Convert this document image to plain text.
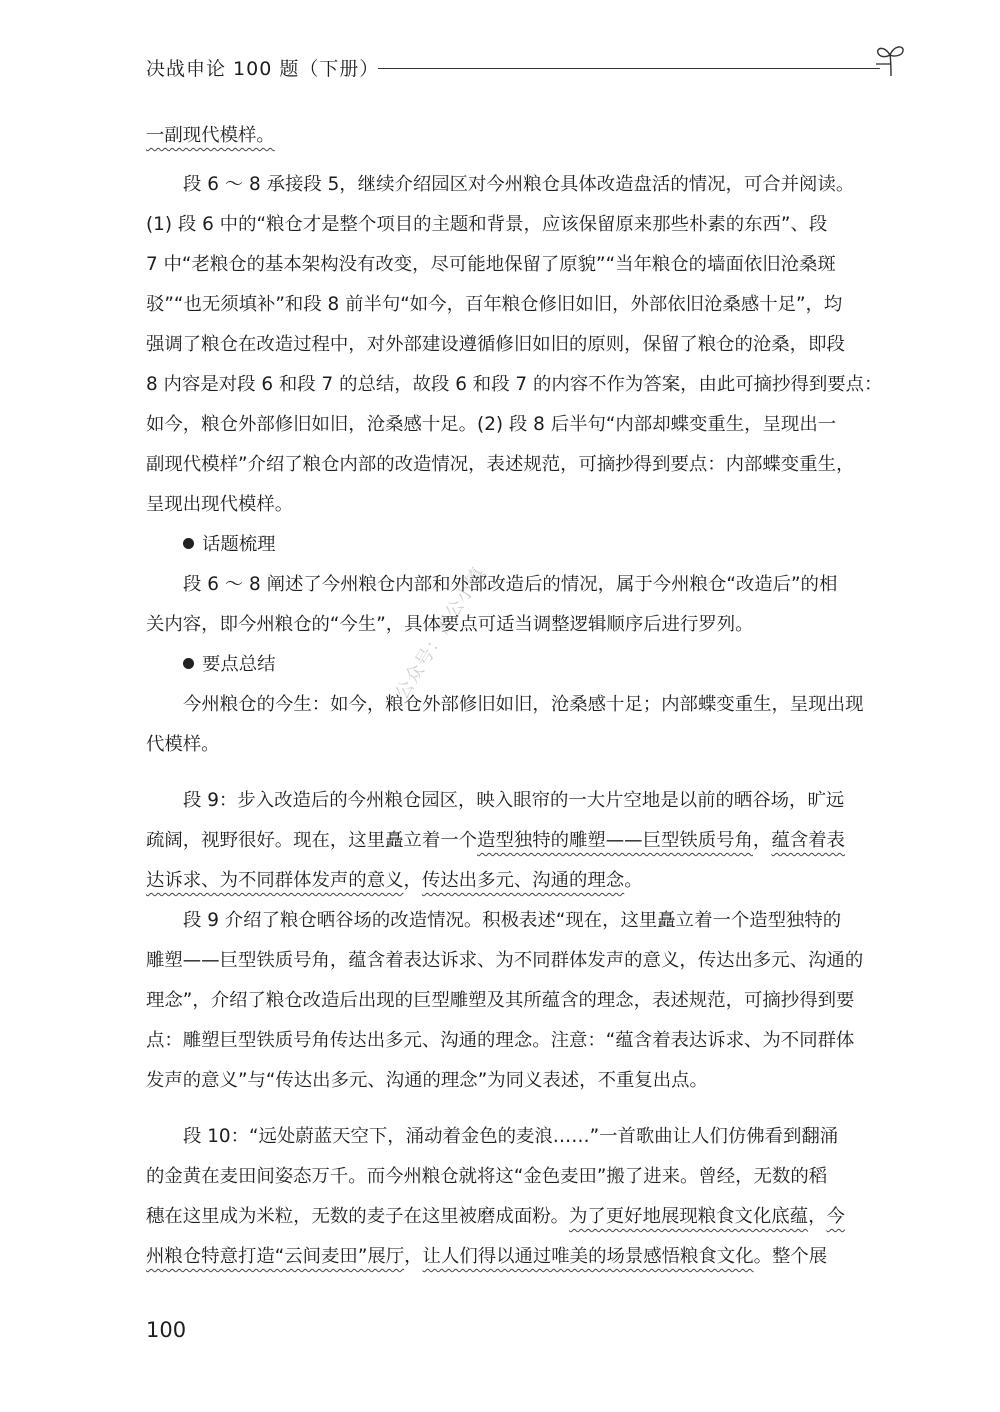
决战申论 100 题（下册）
公众号：萧公小镇
一副现代模样。
段 6 ～ 8 承接段 5，继续介绍园区对今州粮仓具体改造盘活的情况，可合并阅读。
(1) 段 6 中的“粮仓才是整个项目的主题和背景，应该保留原来那些朴素的东西”、段
7 中“老粮仓的基本架构没有改变，尽可能地保留了原貌”“当年粮仓的墙面依旧沧桑斑
驳”“也无须填补”和段 8 前半句“如今，百年粮仓修旧如旧，外部依旧沧桑感十足”，均
强调了粮仓在改造过程中，对外部建设遵循修旧如旧的原则，保留了粮仓的沧桑，即段
8 内容是对段 6 和段 7 的总结，故段 6 和段 7 的内容不作为答案，由此可摘抄得到要点：
如今，粮仓外部修旧如旧，沧桑感十足。(2) 段 8 后半句“内部却蝶变重生，呈现出一
副现代模样”介绍了粮仓内部的改造情况，表述规范，可摘抄得到要点：内部蝶变重生，
呈现出现代模样。
话题梳理
段 6 ～ 8 阐述了今州粮仓内部和外部改造后的情况，属于今州粮仓“改造后”的相
关内容，即今州粮仓的“今生”，具体要点可适当调整逻辑顺序后进行罗列。
要点总结
今州粮仓的今生：如今，粮仓外部修旧如旧，沧桑感十足；内部蝶变重生，呈现出现
代模样。
段 9：步入改造后的今州粮仓园区，映入眼帘的一大片空地是以前的晒谷场，旷远
疏阔，视野很好。现在，这里矗立着一个造型独特的雕塑——巨型铁质号角，蕴含着表
达诉求、为不同群体发声的意义，传达出多元、沟通的理念。
段 9 介绍了粮仓晒谷场的改造情况。积极表述“现在，这里矗立着一个造型独特的
雕塑——巨型铁质号角，蕴含着表达诉求、为不同群体发声的意义，传达出多元、沟通的
理念”，介绍了粮仓改造后出现的巨型雕塑及其所蕴含的理念，表述规范，可摘抄得到要
点：雕塑巨型铁质号角传达出多元、沟通的理念。注意：“蕴含着表达诉求、为不同群体
发声的意义”与“传达出多元、沟通的理念”为同义表述，不重复出点。
段 10：“远处蔚蓝天空下，涌动着金色的麦浪……”一首歌曲让人们仿佛看到翻涌
的金黄在麦田间姿态万千。而今州粮仓就将这“金色麦田”搬了进来。曾经，无数的稻
穗在这里成为米粒，无数的麦子在这里被磨成面粉。为了更好地展现粮食文化底蕴，今
州粮仓特意打造“云间麦田”展厅，让人们得以通过唯美的场景感悟粮食文化。整个展
100
